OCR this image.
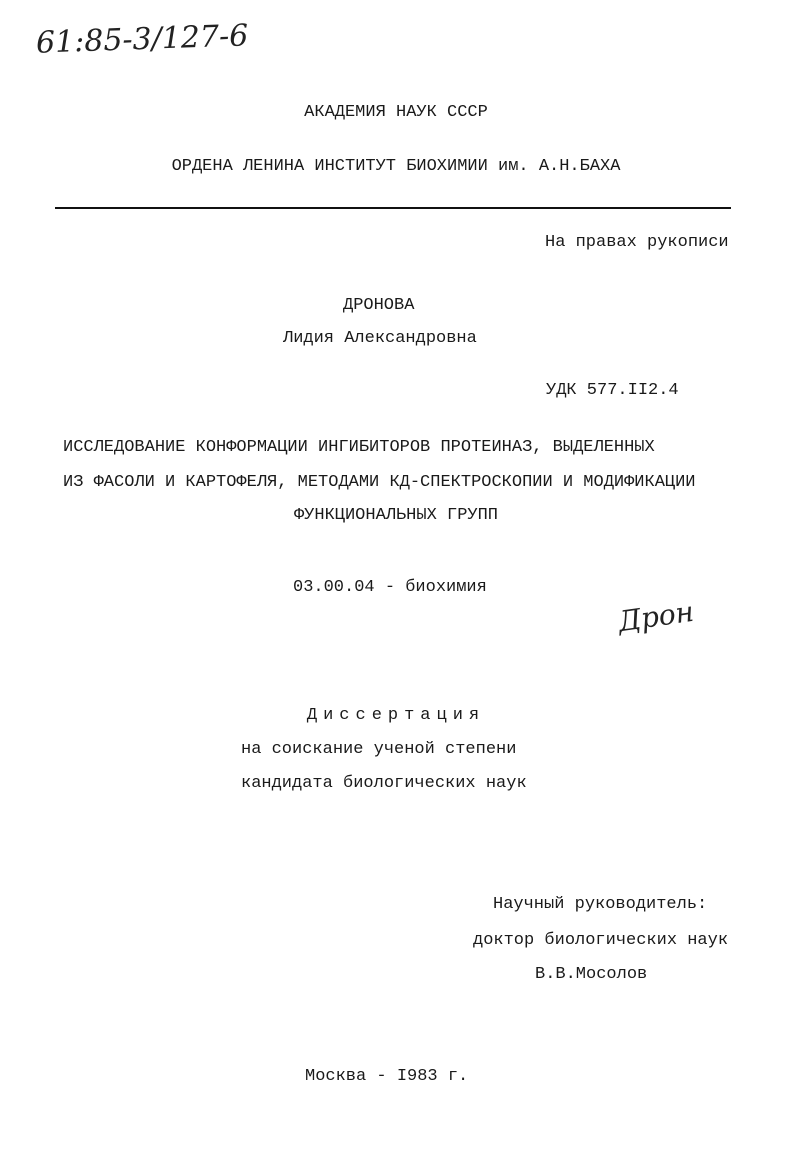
61:85-3/127-6
АКАДЕМИЯ НАУК СССР
ОРДЕНА ЛЕНИНА ИНСТИТУТ БИОХИМИИ им. А.Н.БАХА
На правах рукописи
ДРОНОВА
Лидия Александровна
УДК 577.II2.4
ИССЛЕДОВАНИЕ КОНФОРМАЦИИ ИНГИБИТОРОВ ПРОТЕИНАЗ, ВЫДЕЛЕННЫХ
ИЗ ФАСОЛИ И КАРТОФЕЛЯ, МЕТОДАМИ КД-СПЕКТРОСКОПИИ И МОДИФИКАЦИИ
ФУНКЦИОНАЛЬНЫХ ГРУПП
03.00.04 - биохимия
Дрон
Диссертация
на соискание ученой степени
кандидата биологических наук
Научный руководитель:
доктор биологических наук
В.В.Мосолов
Москва - I983 г.
